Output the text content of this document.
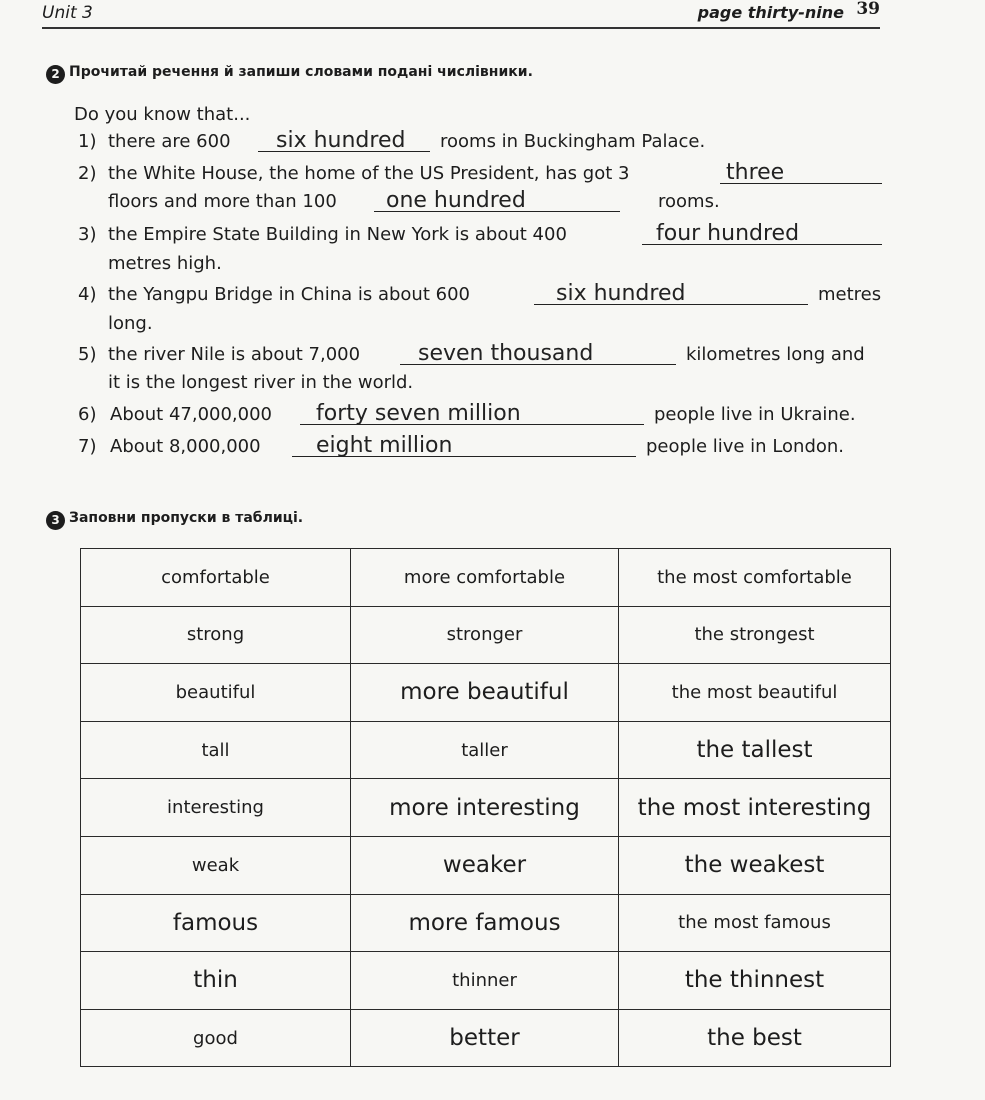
Unit 3	page thirty-nine 39
2 Прочитай речення й запиши словами подані числівники.
Do you know that...
1) there are 600 six hundred rooms in Buckingham Palace.
2) the White House, the home of the US President, has got 3	three
floors and more than 100 one hundred	rooms.
3) the Empire State Building in New York is about 400	four hundred
metres high.
4) the Yangpu Bridge in China is about 600	six hundred	metres
long.
5) the river Nile is about 7,000	seven thousand	kilometres long and
it is the longest river in the world.
6) About 47,000,000 forty seven million	people live in Ukraine.
7) About 8,000,000	eight million	people live in London.
3 Заповни пропуски в таблиці.
comfortable	more comfortable	the most comfortable
strong	stronger	the strongest
beautiful	more beautiful	the most beautiful
tall	taller	the tallest
interesting	more interesting	the most interesting
weak	weaker	the weakest
famous	more famous	the most famous
thin	thinner	the thinnest
good	better	the best
